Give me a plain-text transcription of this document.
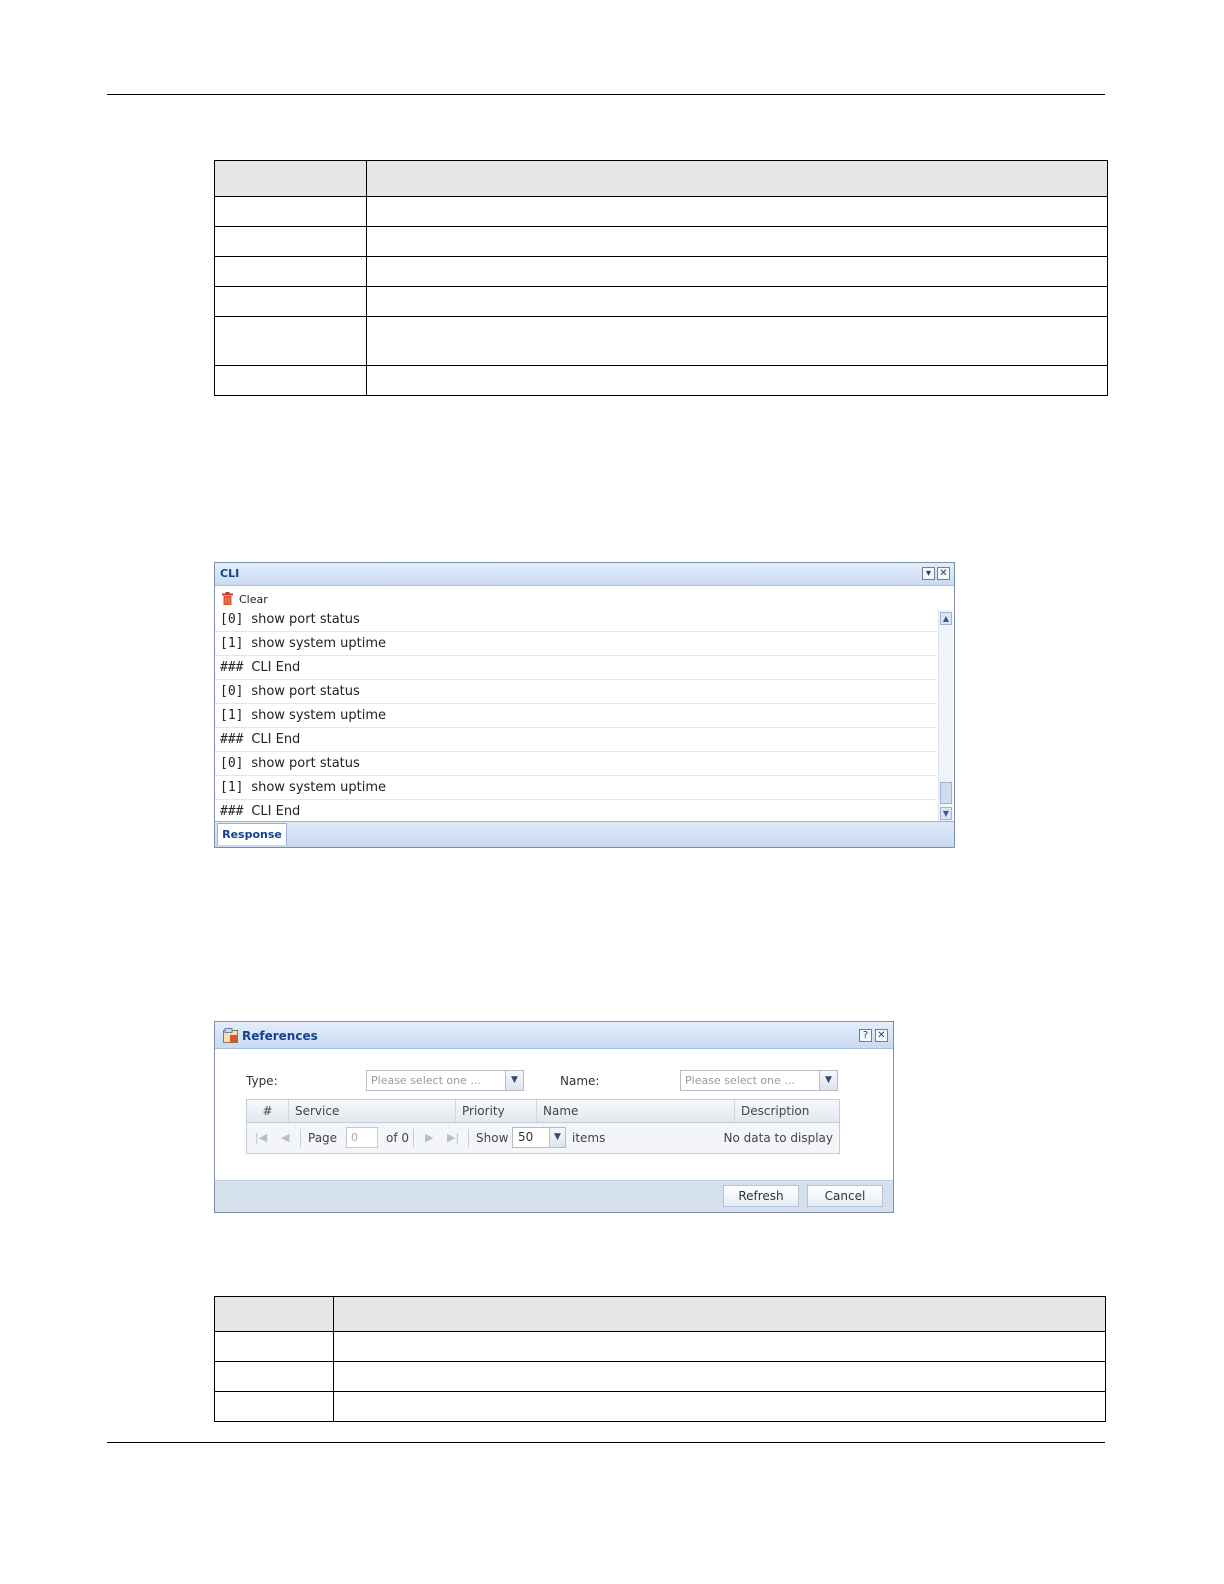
CLI	▾ ✕
Clear
[0] show port status
[1] show system uptime
### CLI End
[0] show port status
[1] show system uptime
### CLI End
[0] show port status
[1] show system uptime
### CLI End
▲
▼
Response
References	? ✕
Type:	Please select one ...	▼	Name:	Please select one ...	▼
#	Service	Priority	Name	Description
|◀ ◀ Page	0	of 0 ▶ ▶| Show 50	▼ items	No data to display
Refresh	Cancel
